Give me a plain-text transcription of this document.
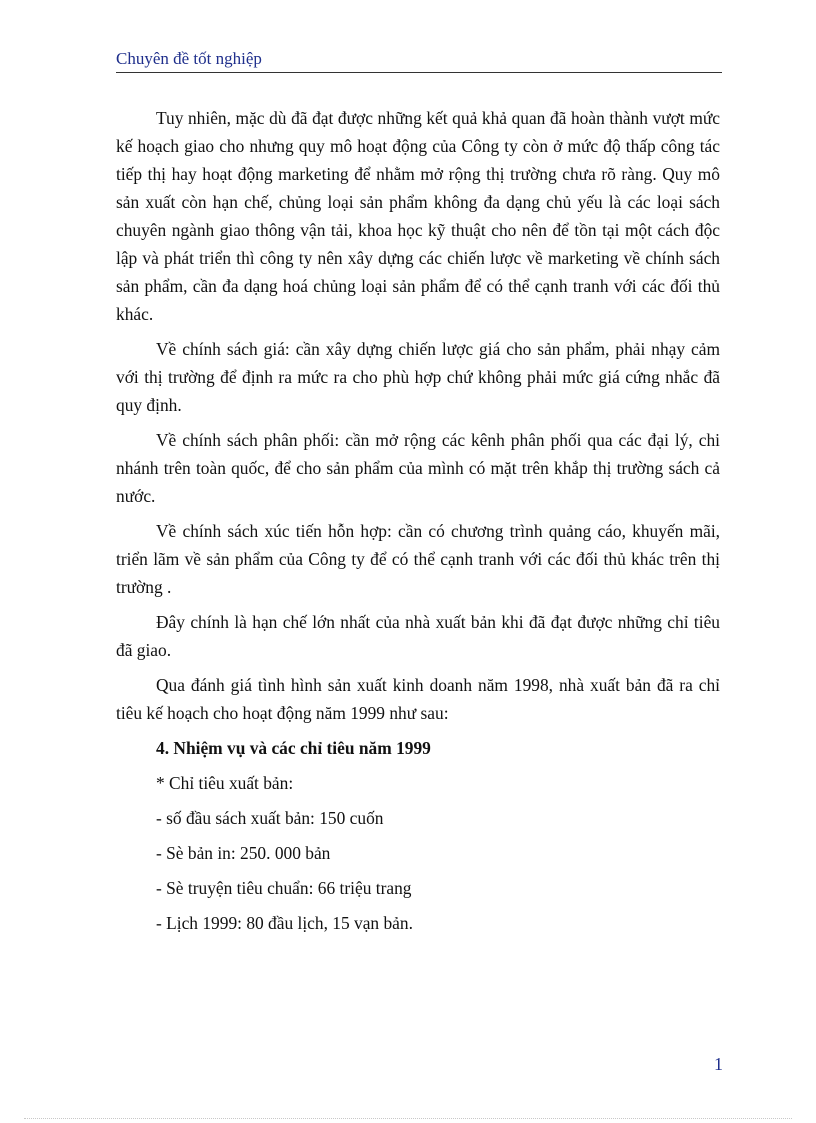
Chuyên đề tốt nghiệp

Tuy nhiên, mặc dù đã đạt được những kết quả khả quan đã hoàn thành vượt mức kế hoạch giao cho nhưng quy mô hoạt động của Công ty còn ở mức độ thấp công tác tiếp thị hay hoạt động marketing để nhằm mở rộng thị trường chưa rõ ràng. Quy mô sản xuất còn hạn chế, chủng loại sản phẩm không đa dạng chủ yếu là các loại sách chuyên ngành giao thông vận tải, khoa học kỹ thuật cho nên để tồn tại một cách độc lập và phát triển thì công ty nên xây dựng các chiến lược về marketing về chính sách sản phẩm, cần đa dạng hoá chủng loại sản phẩm để có thể cạnh tranh với các đối thủ khác.

Về chính sách giá: cần xây dựng chiến lược giá cho sản phẩm, phải nhạy cảm với thị trường để định ra mức ra cho phù hợp chứ không phải mức giá cứng nhắc đã quy định.

Về chính sách phân phối: cần mở rộng các kênh phân phối qua các đại lý, chi nhánh trên toàn quốc, để cho sản phẩm của mình có mặt trên khắp thị trường sách cả nước.

Về chính sách xúc tiến hỗn hợp: cần có chương trình quảng cáo, khuyến mãi, triển lãm về sản phẩm của Công ty để có thể cạnh tranh với các đối thủ khác trên thị trường .

Đây chính là hạn chế lớn nhất của nhà xuất bản khi đã đạt được những chỉ tiêu đã giao.

Qua đánh giá tình hình sản xuất kinh doanh năm 1998, nhà xuất bản đã ra chỉ tiêu kế hoạch cho hoạt động năm 1999 như sau:

4. Nhiệm vụ và các chỉ tiêu năm 1999

* Chỉ tiêu xuất bản:

- số đầu sách xuất bản: 150 cuốn

- Sè bản in: 250. 000 bản

- Sè truyện tiêu chuẩn: 66 triệu trang

- Lịch 1999: 80 đầu lịch, 15 vạn bản.

1
